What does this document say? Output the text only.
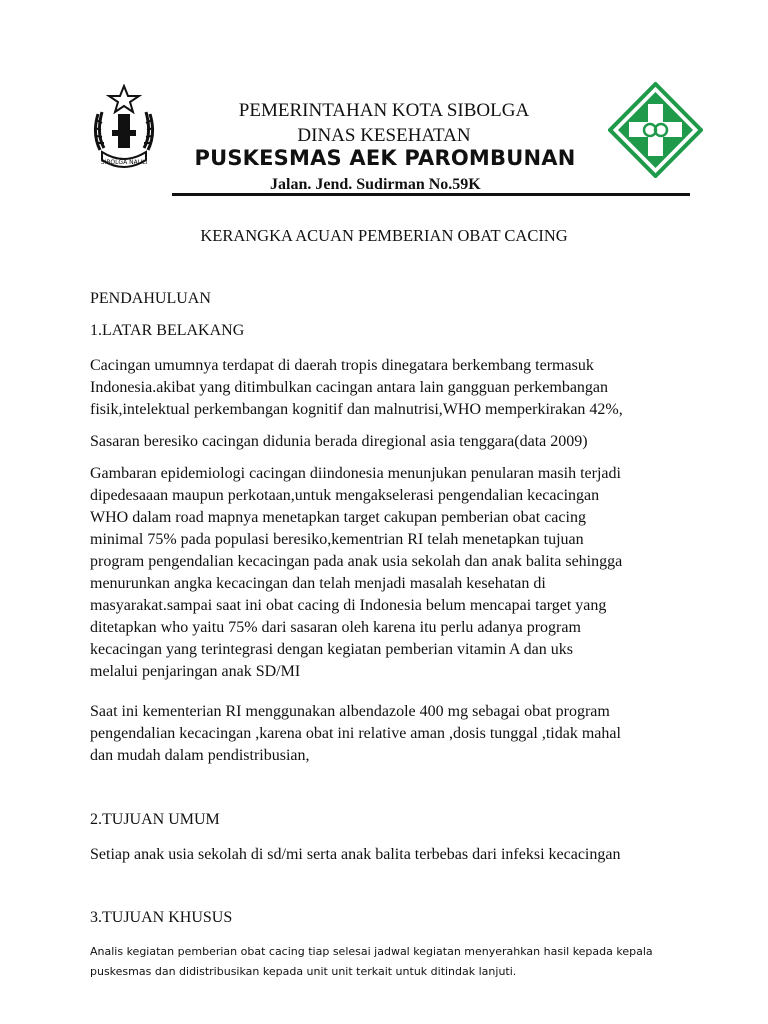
SIBOLGA NAULI
PEMERINTAHAN KOTA SIBOLGA
DINAS KESEHATAN
PUSKESMAS AEK PAROMBUNAN
Jalan. Jend. Sudirman No.59K
KERANGKA ACUAN PEMBERIAN OBAT CACING
PENDAHULUAN
1.LATAR BELAKANG
Cacingan umumnya terdapat di daerah tropis dinegatara berkembang termasuk
Indonesia.akibat yang ditimbulkan cacingan antara lain gangguan perkembangan
fisik,intelektual perkembangan kognitif dan malnutrisi,WHO memperkirakan 42%,
Sasaran beresiko cacingan didunia berada diregional asia tenggara(data 2009)
Gambaran epidemiologi cacingan diindonesia menunjukan penularan masih terjadi
dipedesaaan maupun perkotaan,untuk mengakselerasi pengendalian kecacingan
WHO dalam road mapnya menetapkan target cakupan pemberian obat cacing
minimal 75% pada populasi beresiko,kementrian RI telah menetapkan tujuan
program pengendalian kecacingan pada anak usia sekolah dan anak balita sehingga
menurunkan angka kecacingan dan telah menjadi masalah kesehatan di
masyarakat.sampai saat ini obat cacing di Indonesia belum mencapai target yang
ditetapkan who yaitu 75% dari sasaran oleh karena itu perlu adanya program
kecacingan yang terintegrasi dengan kegiatan pemberian vitamin A dan uks
melalui penjaringan anak SD/MI
Saat ini kementerian RI menggunakan albendazole 400 mg sebagai obat program
pengendalian kecacingan ,karena obat ini relative aman ,dosis tunggal ,tidak mahal
dan mudah dalam pendistribusian,
2.TUJUAN UMUM
Setiap anak usia sekolah di sd/mi serta anak balita terbebas dari infeksi kecacingan
3.TUJUAN KHUSUS
Analis kegiatan pemberian obat cacing tiap selesai jadwal kegiatan menyerahkan hasil kepada kepala
puskesmas dan didistribusikan kepada unit unit terkait untuk ditindak lanjuti.
